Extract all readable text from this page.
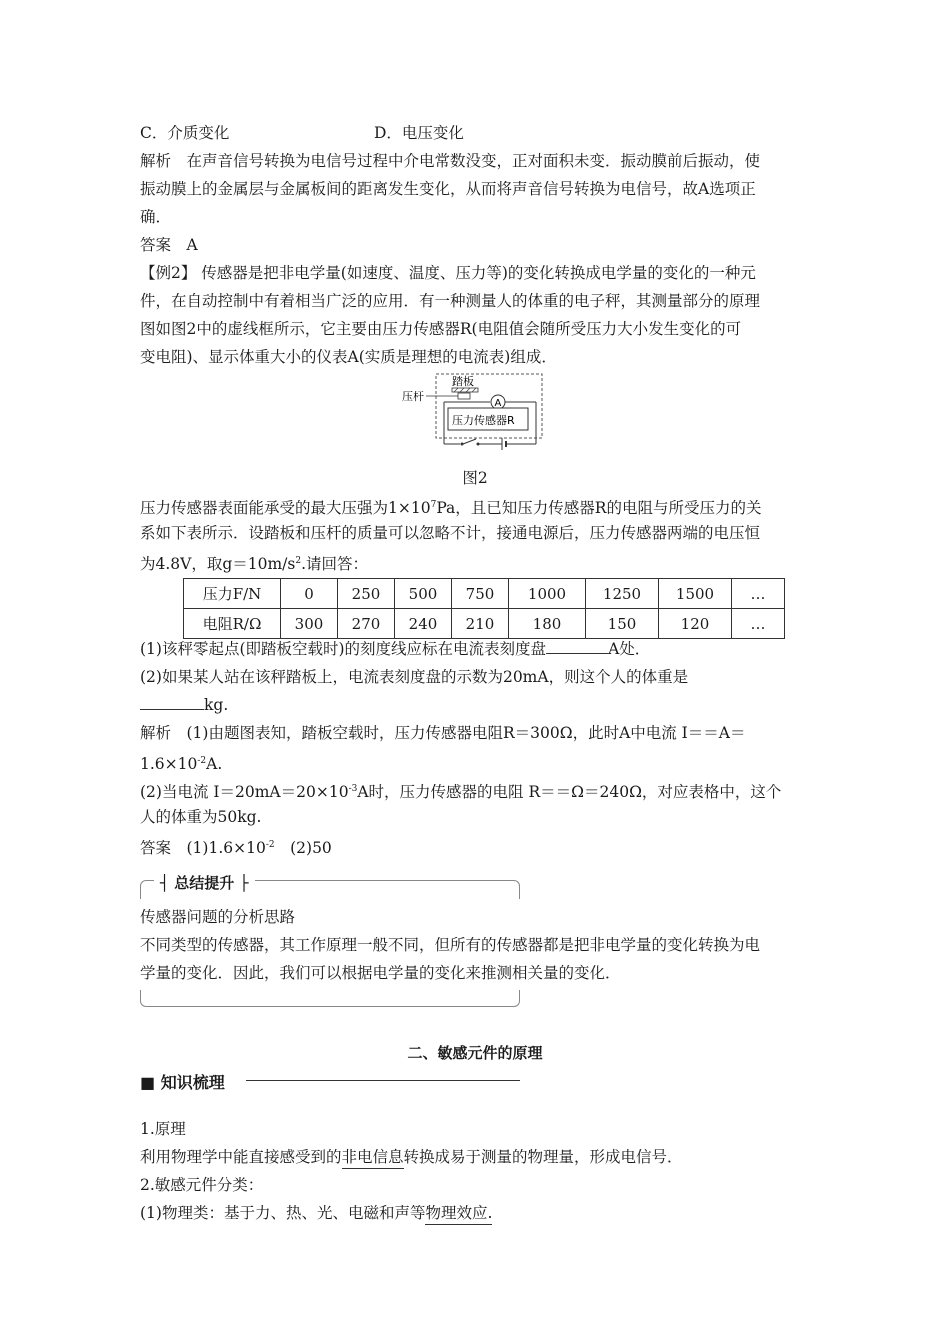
C．介质变化	D．电压变化
解析　在声音信号转换为电信号过程中介电常数没变，正对面积未变．振动膜前后振动，使
振动膜上的金属层与金属板间的距离发生变化，从而将声音信号转换为电信号，故A选项正
确．
答案　A
【例2】 传感器是把非电学量(如速度、温度、压力等)的变化转换成电学量的变化的一种元
件，在自动控制中有着相当广泛的应用．有一种测量人的体重的电子秤，其测量部分的原理
图如图2中的虚线框所示，它主要由压力传感器R(电阻值会随所受压力大小发生变化的可
变电阻)、显示体重大小的仪表A(实质是理想的电流表)组成．
踏板
压杆
压力传感器R
A
图2
压力传感器表面能承受的最大压强为$1\times 10^7Pa$，且已知压力传感器R的电阻与所受压力的关
系如下表所示．设踏板和压杆的质量可以忽略不计，接通电源后，压力传感器两端的电压恒
为4.8V，取$g=10m/s^2$.请回答：
压力F/N	0	250	500	750	1000	1250	1500	…
电阻R/Ω	300	270	240	210	180	150	120	…
(1)该秤零起点(即踏板空载时)的刻度线应标在电流表刻度盘	A处．
(2)如果某人站在该秤踏板上，电流表刻度盘的示数为20mA，则这个人的体重是
kg.
解析　(1)由题图表知，踏板空载时，压力传感器电阻R＝300Ω，此时A中电流 I＝＝A＝
$1.6\times 10^{-2}A$.
(2)当电流 $I=20mA=20\times 10^{-3}A$时，压力传感器的电阻 R＝＝Ω＝240Ω，对应表格中，这个
人的体重为50kg.
答案　$(1)1.6\times 10^{-2}$　(2)50
┤ 总结提升 ├
传感器问题的分析思路
不同类型的传感器，其工作原理一般不同，但所有的传感器都是把非电学量的变化转换为电
学量的变化．因此，我们可以根据电学量的变化来推测相关量的变化．
二、敏感元件的原理
■ 知识梳理
1.原理
利用物理学中能直接感受到的非电信息转换成易于测量的物理量，形成电信号．
2.敏感元件分类：
(1)物理类：基于力、热、光、电磁和声等物理效应.
